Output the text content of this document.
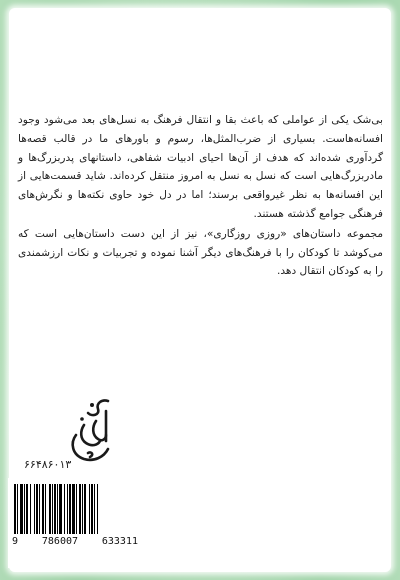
بی‌شک یکی از عواملی که باعث بقا و انتقال فرهنگ به نسل‌های بعد می‌شود وجود افسانه‌هاست. بسیاری از ضرب‌المثل‌ها، رسوم و باورهای ما در قالب قصه‌ها گردآوری شده‌اند که هدف از آن‌ها احیای ادبیات شفاهی، داستانهای پدربزرگ‌ها و مادربزرگ‌هایی است که نسل به نسل به امروز منتقل کرده‌اند. شاید قسمت‌هایی از این افسانه‌ها به نظر غیرواقعی برسند؛ اما در دل خود حاوی نکته‌ها و نگرش‌های فرهنگی جوامع گذشته هستند.

مجموعه داستان‌های «روزی روزگاری»، نیز از این دست داستان‌هایی است که می‌کوشد تا کودکان را با فرهنگ‌های دیگر آشنا نموده و تجربیات و نکات ارزشمندی را به کودکان انتقال دهد.

۶۶۴۸۶۰۱۳
9 786007 633311
